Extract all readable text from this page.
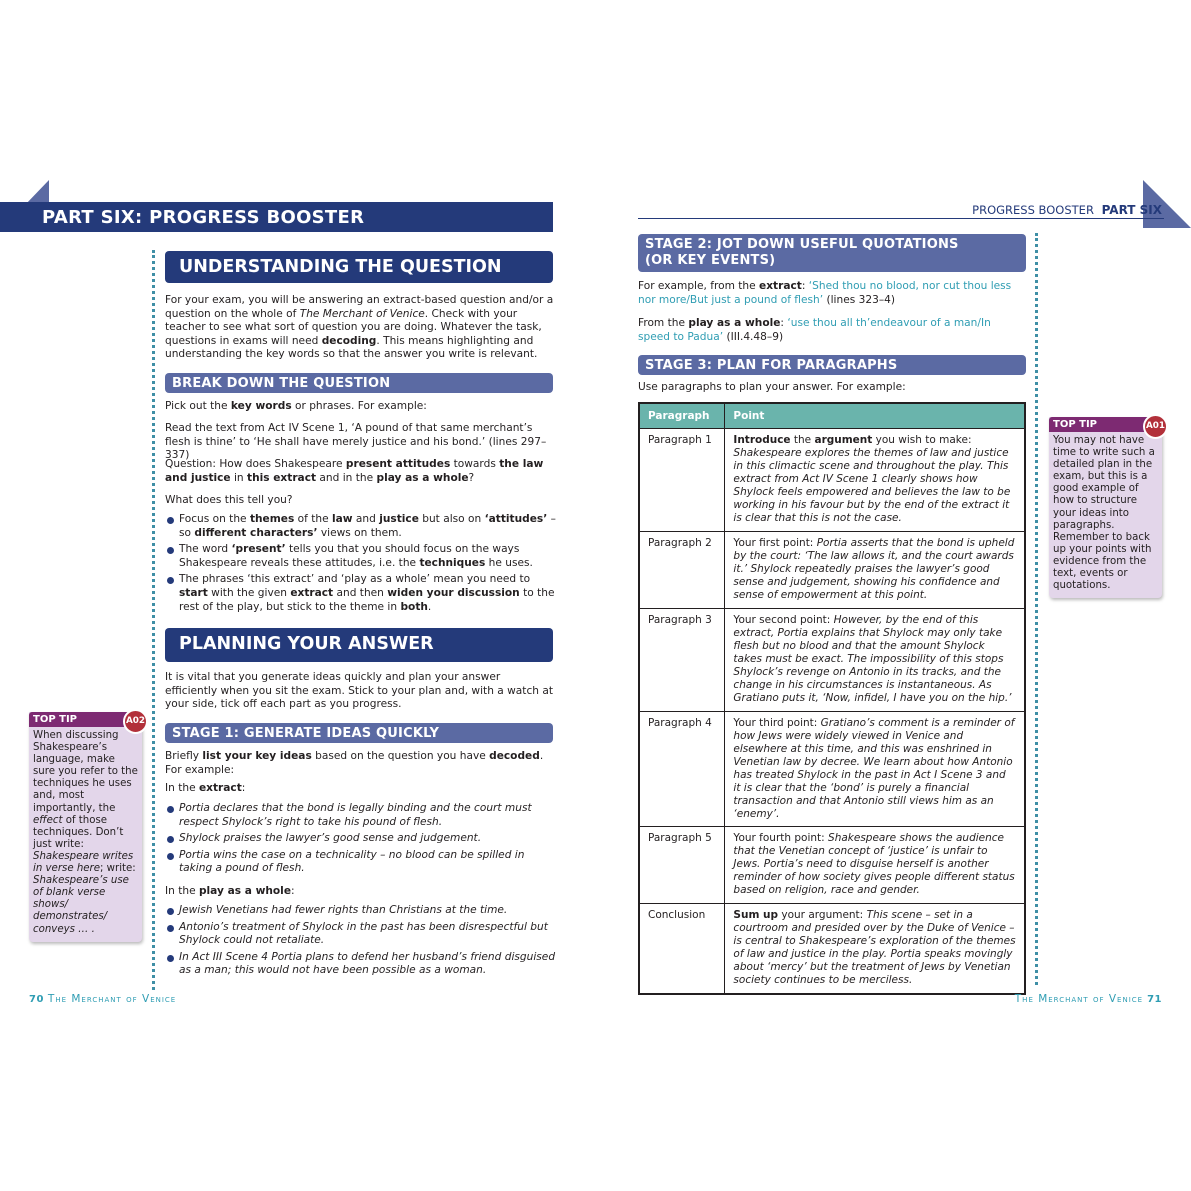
PART SIX: PROGRESS BOOSTER
UNDERSTANDING THE QUESTION

For your exam, you will be answering an extract-based question and/or a question on the whole of The Merchant of Venice. Check with your teacher to see what sort of question you are doing. Whatever the task, questions in exams will need decoding. This means highlighting and understanding the key words so that the answer you write is relevant.

BREAK DOWN THE QUESTION

Pick out the key words or phrases. For example:

Read the text from Act IV Scene 1, ‘A pound of that same merchant’s flesh is thine’ to ‘He shall have merely justice and his bond.’ (lines 297–337)

Question: How does Shakespeare present attitudes towards the law and justice in this extract and in the play as a whole?

What does this tell you?

Focus on the themes of the law and justice but also on ‘attitudes’ – so different characters’ views on them.
The word ‘present’ tells you that you should focus on the ways Shakespeare reveals these attitudes, i.e. the techniques he uses.
The phrases ‘this extract’ and ‘play as a whole’ mean you need to start with the given extract and then widen your discussion to the rest of the play, but stick to the theme in both.
PLANNING YOUR ANSWER

It is vital that you generate ideas quickly and plan your answer efficiently when you sit the exam. Stick to your plan and, with a watch at your side, tick off each part as you progress.

STAGE 1: GENERATE IDEAS QUICKLY

Briefly list your key ideas based on the question you have decoded. For example:

In the extract:

Portia declares that the bond is legally binding and the court must respect Shylock’s right to take his pound of flesh.
Shylock praises the lawyer’s good sense and judgement.
Portia wins the case on a technicality – no blood can be spilled in taking a pound of flesh.

In the play as a whole:

Jewish Venetians had fewer rights than Christians at the time.
Antonio’s treatment of Shylock in the past has been disrespectful but Shylock could not retaliate.
In Act III Scene 4 Portia plans to defend her husband’s friend disguised as a man; this would not have been possible as a woman.
TOP TIP	A02
When discussing Shakespeare’s language, make sure you refer to the techniques he uses and, most importantly, the effect of those techniques. Don’t just write: Shakespeare writes in verse here; write: Shakespeare’s use of blank verse shows/ demonstrates/ conveys … .
70 The Merchant of Venice
PROGRESS BOOSTER PART SIX
STAGE 2: JOT DOWN USEFUL QUOTATIONS
(OR KEY EVENTS)

For example, from the extract: ‘Shed thou no blood, nor cut thou less nor more/But just a pound of flesh’ (lines 323–4)

From the play as a whole: ‘use thou all th’endeavour of a man/In speed to Padua’ (III.4.48–9)

STAGE 3: PLAN FOR PARAGRAPHS

Use paragraphs to plan your answer. For example:

Paragraph	Point
Paragraph 1	Introduce the argument you wish to make: Shakespeare explores the themes of law and justice in this climactic scene and throughout the play. This extract from Act IV Scene 1 clearly shows how Shylock feels empowered and believes the law to be working in his favour but by the end of the extract it is clear that this is not the case.
Paragraph 2	Your first point: Portia asserts that the bond is upheld by the court: ‘The law allows it, and the court awards it.’ Shylock repeatedly praises the lawyer’s good sense and judgement, showing his confidence and sense of empowerment at this point.
Paragraph 3	Your second point: However, by the end of this extract, Portia explains that Shylock may only take flesh but no blood and that the amount Shylock takes must be exact. The impossibility of this stops Shylock’s revenge on Antonio in its tracks, and the change in his circumstances is instantaneous. As Gratiano puts it, ‘Now, infidel, I have you on the hip.’
Paragraph 4	Your third point: Gratiano’s comment is a reminder of how Jews were widely viewed in Venice and elsewhere at this time, and this was enshrined in Venetian law by decree. We learn about how Antonio has treated Shylock in the past in Act I Scene 3 and it is clear that the ‘bond’ is purely a financial transaction and that Antonio still views him as an ‘enemy’.
Paragraph 5	Your fourth point: Shakespeare shows the audience that the Venetian concept of ‘justice’ is unfair to Jews. Portia’s need to disguise herself is another reminder of how society gives people different status based on religion, race and gender.
Conclusion	Sum up your argument: This scene – set in a courtroom and presided over by the Duke of Venice – is central to Shakespeare’s exploration of the themes of law and justice in the play. Portia speaks movingly about ‘mercy’ but the treatment of Jews by Venetian society continues to be merciless.
TOP TIP	A01
You may not have time to write such a detailed plan in the exam, but this is a good example of how to structure your ideas into paragraphs. Remember to back up your points with evidence from the text, events or quotations.
The Merchant of Venice 71
